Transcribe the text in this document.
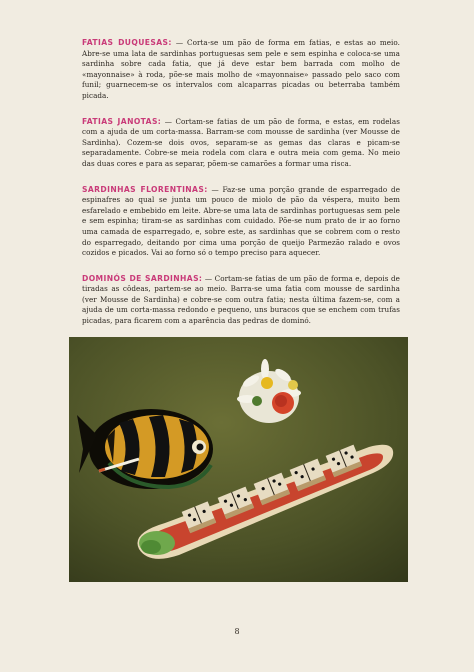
FATIAS DUQUESAS: — Corta-se um pão de forma em fatias, e estas ao meio. Abre-se uma lata de sardinhas portuguesas sem pele e sem espinha e coloca-se uma sardinha sobre cada fatia, que já deve estar bem barrada com molho de «mayonnaise» à roda, põe-se mais molho de «mayonnaise» passado pelo saco com funil; guarnecem-se os intervalos com alcaparras picadas ou beterraba também picada.

FATIAS JANOTAS: — Cortam-se fatias de um pão de forma, e estas, em rodelas com a ajuda de um corta-massa. Barram-se com mousse de sardinha (ver Mousse de Sardinha). Cozem-se dois ovos, separam-se as gemas das claras e picam-se separadamente. Cobre-se meia rodela com clara e outra meia com gema. No meio das duas cores e para as separar, põem-se camarões a formar uma risca.

SARDINHAS FLORENTINAS: — Faz-se uma porção grande de esparregado de espinafres ao qual se junta um pouco de miolo de pão da véspera, muito bem esfarelado e embebido em leite. Abre-se uma lata de sardinhas portuguesas sem pele e sem espinha; tiram-se as sardinhas com cuidado. Põe-se num prato de ir ao forno uma camada de esparregado, e, sobre este, as sardinhas que se cobrem com o resto do esparregado, deitando por cima uma porção de queijo Parmezão ralado e ovos cozidos e picados. Vai ao forno só o tempo preciso para aquecer.

DOMINÓS DE SARDINHAS: — Cortam-se fatias de um pão de forma e, depois de tiradas as côdeas, partem-se ao meio. Barra-se uma fatia com mousse de sardinha (ver Mousse de Sardinha) e cobre-se com outra fatia; nesta última fazem-se, com a ajuda de um corta-massa redondo e pequeno, uns buracos que se enchem com trufas picadas, para ficarem com a aparência das pedras de dominó.

8
